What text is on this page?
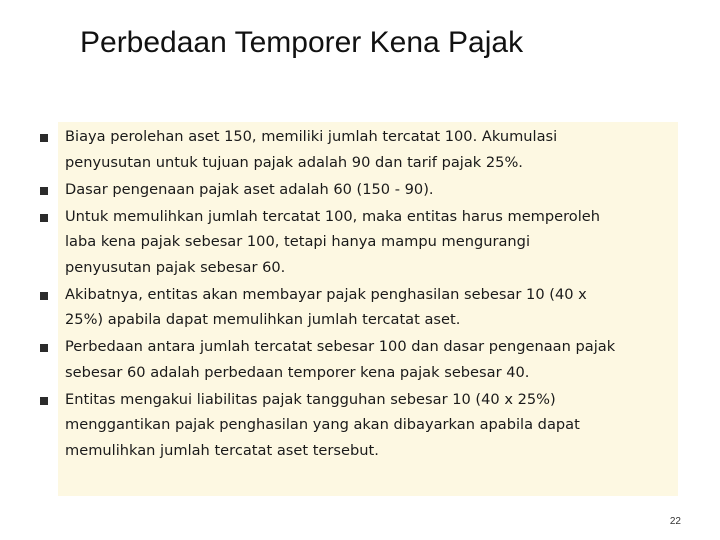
Perbedaan Temporer Kena Pajak
Biaya perolehan aset 150, memiliki jumlah tercatat 100. Akumulasi
penyusutan untuk tujuan pajak adalah 90 dan tarif pajak 25%.
Dasar pengenaan pajak aset adalah 60 (150 - 90).
Untuk memulihkan jumlah tercatat 100, maka entitas harus memperoleh
laba kena pajak sebesar 100, tetapi hanya mampu mengurangi
penyusutan pajak sebesar 60.
Akibatnya, entitas akan membayar pajak penghasilan sebesar 10 (40 x
25%) apabila dapat memulihkan jumlah tercatat aset.
Perbedaan antara jumlah tercatat sebesar 100 dan dasar pengenaan pajak
sebesar 60 adalah perbedaan temporer kena pajak sebesar 40.
Entitas mengakui liabilitas pajak tangguhan sebesar 10 (40 x 25%)
menggantikan pajak penghasilan yang akan dibayarkan apabila dapat
memulihkan jumlah tercatat aset tersebut.
22
